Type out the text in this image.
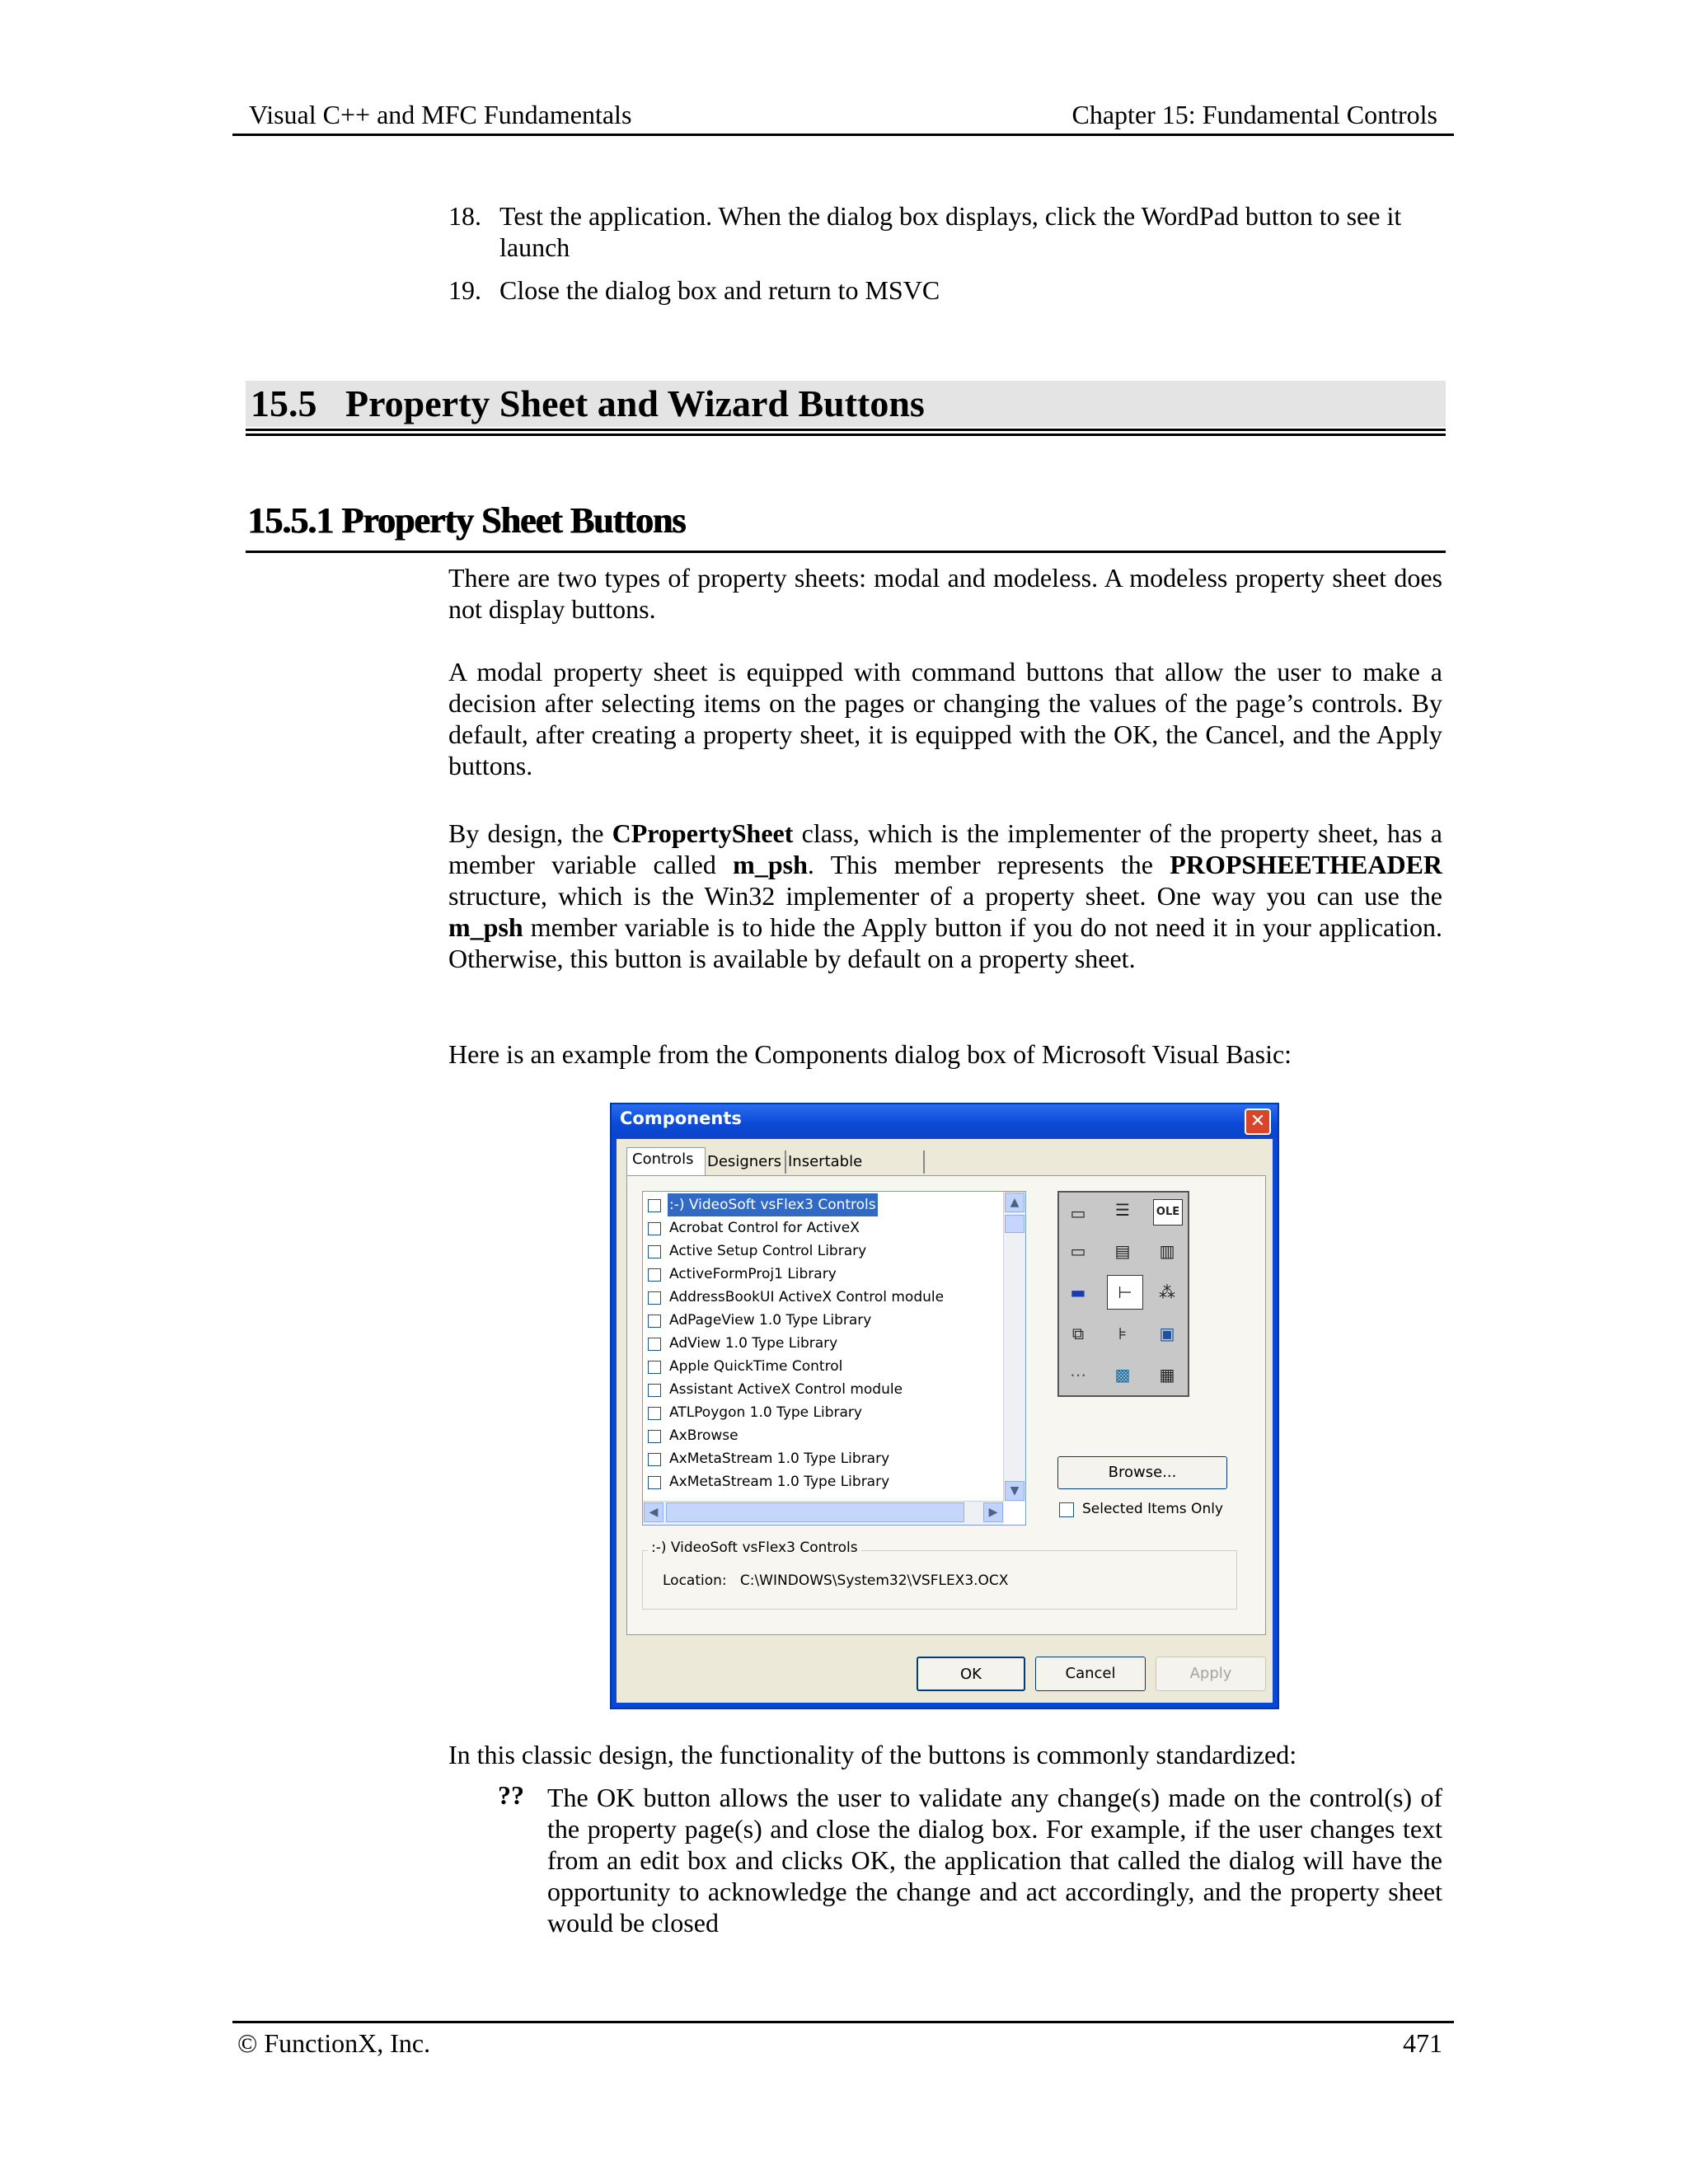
Visual C++ and MFC Fundamentals	Chapter 15: Fundamental Controls
18. Test the application. When the dialog box displays, click the WordPad button to see it launch
19. Close the dialog box and return to MSVC
15.5 Property Sheet and Wizard Buttons
15.5.1 Property Sheet Buttons
There are two types of property sheets: modal and modeless. A modeless property sheet does not display buttons.
A modal property sheet is equipped with command buttons that allow the user to make a decision after selecting items on the pages or changing the values of the page’s controls. By default, after creating a property sheet, it is equipped with the OK, the Cancel, and the Apply buttons.
By design, the CPropertySheet class, which is the implementer of the property sheet, has a member variable called m_psh. This member represents the PROPSHEETHEADER structure, which is the Win32 implementer of a property sheet. One way you can use the m_psh member variable is to hide the Apply button if you do not need it in your application. Otherwise, this button is available by default on a property sheet.
Here is an example from the Components dialog box of Microsoft Visual Basic:
Components	✕
Controls Designers Insertable
:-) VideoSoft vsFlex3 Controls
Acrobat Control for ActiveX
Active Setup Control Library
ActiveFormProj1 Library
AddressBookUI ActiveX Control module
AdPageView 1.0 Type Library
AdView 1.0 Type Library
Apple QuickTime Control
Assistant ActiveX Control module
ATLPoygon 1.0 Type Library
AxBrowse
AxMetaStream 1.0 Type Library
AxMetaStream 1.0 Type Library
▲
▼
◀	▶
▭	☰	OLE
▭	▤	▥
▬	⊢	⁂
⧉	⊧	▣
⋯	▩	▦
Browse...
Selected Items Only
:-) VideoSoft vsFlex3 Controls
Location: C:\WINDOWS\System32\VSFLEX3.OCX
OK	Cancel	Apply
In this classic design, the functionality of the buttons is commonly standardized:
?? The OK button allows the user to validate any change(s) made on the control(s) of the property page(s) and close the dialog box. For example, if the user changes text from an edit box and clicks OK, the application that called the dialog will have the opportunity to acknowledge the change and act accordingly, and the property sheet would be closed
© FunctionX, Inc.	471
